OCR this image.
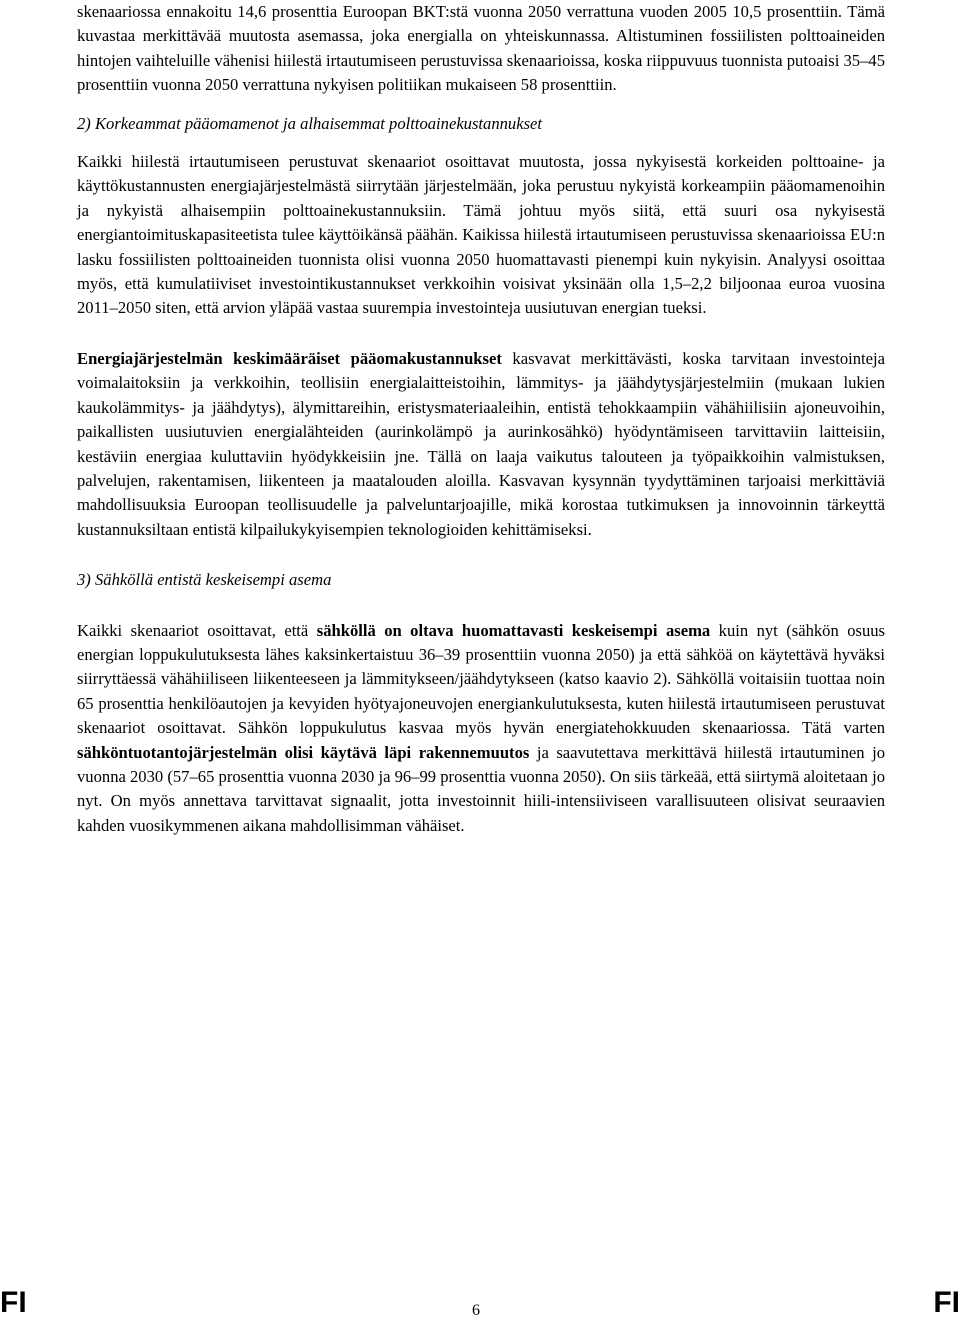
skenaariossa ennakoitu 14,6 prosenttia Euroopan BKT:stä vuonna 2050 verrattuna vuoden 2005 10,5 prosenttiin. Tämä kuvastaa merkittävää muutosta asemassa, joka energialla on yhteiskunnassa. Altistuminen fossiilisten polttoaineiden hintojen vaihteluille vähenisi hiilestä irtautumiseen perustuvissa skenaarioissa, koska riippuvuus tuonnista putoaisi 35–45 prosenttiin vuonna 2050 verrattuna nykyisen politiikan mukaiseen 58 prosenttiin.

2) Korkeammat pääomamenot ja alhaisemmat polttoainekustannukset

Kaikki hiilestä irtautumiseen perustuvat skenaariot osoittavat muutosta, jossa nykyisestä korkeiden polttoaine- ja käyttökustannusten energiajärjestelmästä siirrytään järjestelmään, joka perustuu nykyistä korkeampiin pääomamenoihin ja nykyistä alhaisempiin polttoainekustannuksiin. Tämä johtuu myös siitä, että suuri osa nykyisestä energiantoimituskapasiteetista tulee käyttöikänsä päähän. Kaikissa hiilestä irtautumiseen perustuvissa skenaarioissa EU:n lasku fossiilisten polttoaineiden tuonnista olisi vuonna 2050 huomattavasti pienempi kuin nykyisin. Analyysi osoittaa myös, että kumulatiiviset investointikustannukset verkkoihin voisivat yksinään olla 1,5–2,2 biljoonaa euroa vuosina 2011–2050 siten, että arvion yläpää vastaa suurempia investointeja uusiutuvan energian tueksi.

Energiajärjestelmän keskimääräiset pääomakustannukset kasvavat merkittävästi, koska tarvitaan investointeja voimalaitoksiin ja verkkoihin, teollisiin energialaitteistoihin, lämmitys- ja jäähdytysjärjestelmiin (mukaan lukien kaukolämmitys- ja jäähdytys), älymittareihin, eristysmateriaaleihin, entistä tehokkaampiin vähähiilisiin ajoneuvoihin, paikallisten uusiutuvien energialähteiden (aurinkolämpö ja aurinkosähkö) hyödyntämiseen tarvittaviin laitteisiin, kestäviin energiaa kuluttaviin hyödykkeisiin jne. Tällä on laaja vaikutus talouteen ja työpaikkoihin valmistuksen, palvelujen, rakentamisen, liikenteen ja maatalouden aloilla. Kasvavan kysynnän tyydyttäminen tarjoaisi merkittäviä mahdollisuuksia Euroopan teollisuudelle ja palveluntarjoajille, mikä korostaa tutkimuksen ja innovoinnin tärkeyttä kustannuksiltaan entistä kilpailukykyisempien teknologioiden kehittämiseksi.

3) Sähköllä entistä keskeisempi asema

Kaikki skenaariot osoittavat, että sähköllä on oltava huomattavasti keskeisempi asema kuin nyt (sähkön osuus energian loppukulutuksesta lähes kaksinkertaistuu 36–39 prosenttiin vuonna 2050) ja että sähköä on käytettävä hyväksi siirryttäessä vähähiiliseen liikenteeseen ja lämmitykseen/jäähdytykseen (katso kaavio 2). Sähköllä voitaisiin tuottaa noin 65 prosenttia henkilöautojen ja kevyiden hyötyajoneuvojen energiankulutuksesta, kuten hiilestä irtautumiseen perustuvat skenaariot osoittavat. Sähkön loppukulutus kasvaa myös hyvän energiatehokkuuden skenaariossa. Tätä varten sähköntuotantojärjestelmän olisi käytävä läpi rakennemuutos ja saavutettava merkittävä hiilestä irtautuminen jo vuonna 2030 (57–65 prosenttia vuonna 2030 ja 96–99 prosenttia vuonna 2050). On siis tärkeää, että siirtymä aloitetaan jo nyt. On myös annettava tarvittavat signaalit, jotta investoinnit hiili-intensiiviseen varallisuuteen olisivat seuraavien kahden vuosikymmenen aikana mahdollisimman vähäiset.

FI	6	FI
